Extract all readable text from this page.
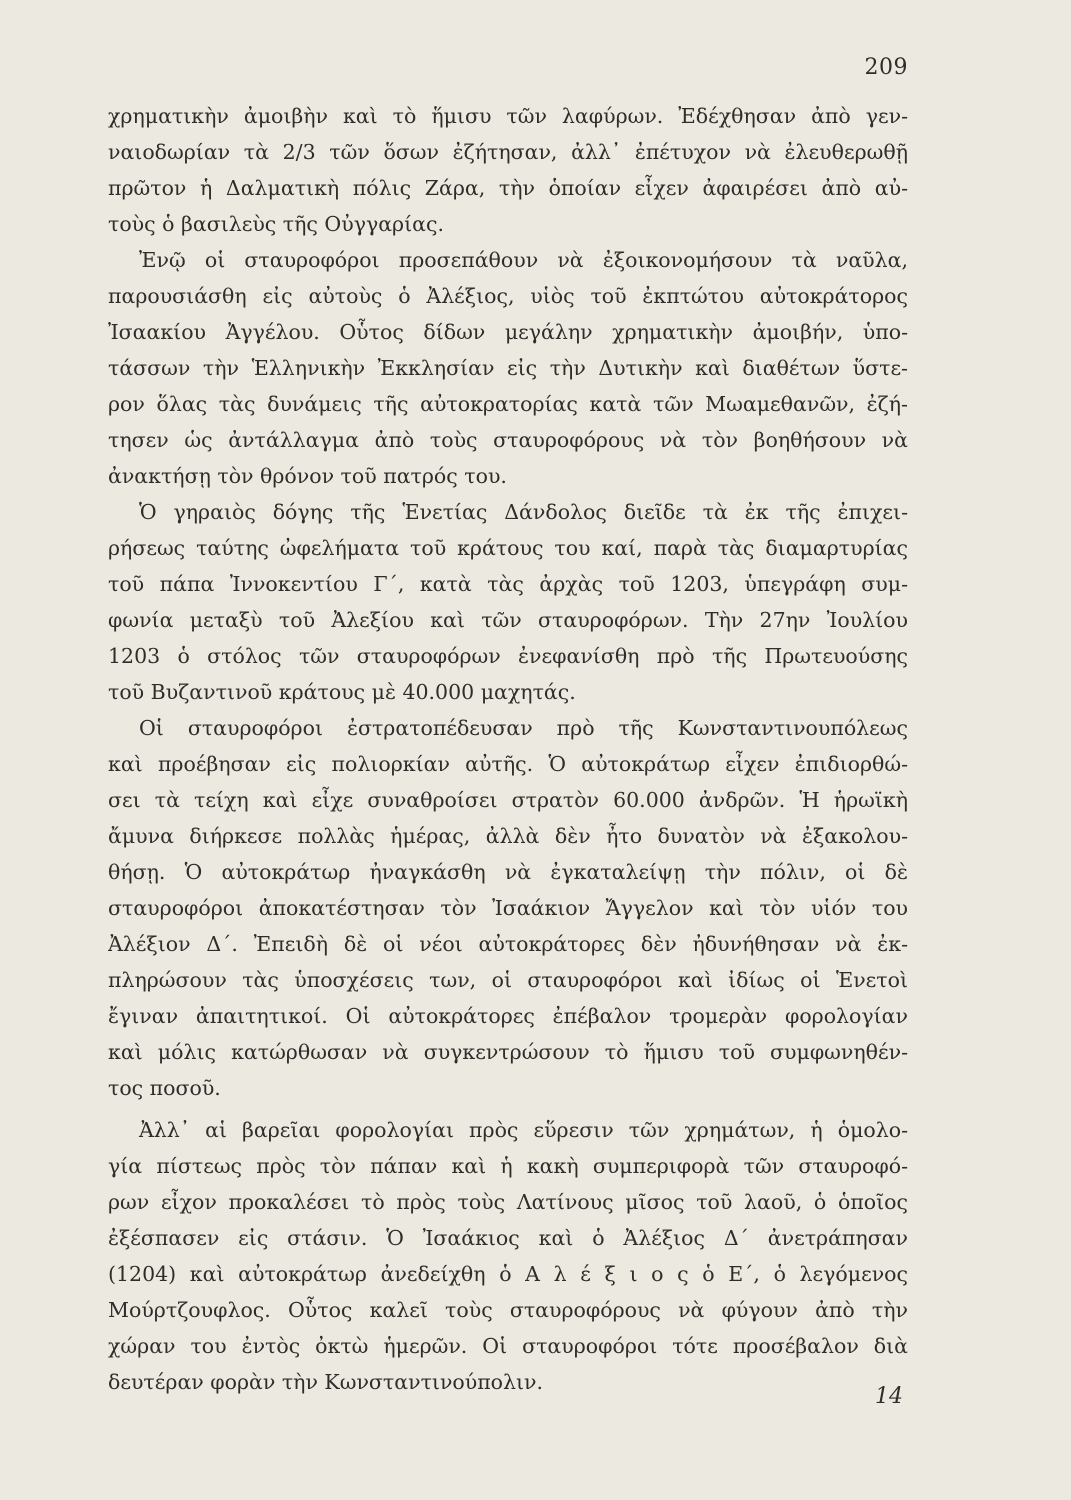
209
χρηματικὴν ἀμοιβὴν καὶ τὸ ἥμισυ τῶν λαφύρων. Ἐδέχθησαν ἀπὸ γεν-
ναιοδωρίαν τὰ 2/3 τῶν ὅσων ἐζήτησαν, ἀλλ᾽ ἐπέτυχον νὰ ἐλευθερωθῇ
πρῶτον ἡ Δαλματικὴ πόλις Ζάρα, τὴν ὁποίαν εἶχεν ἀφαιρέσει ἀπὸ αὐ-
τοὺς ὁ βασιλεὺς τῆς Οὐγγαρίας.
Ἐνῷ οἱ σταυροφόροι προσεπάθουν νὰ ἐξοικονομήσουν τὰ ναῦλα,
παρουσιάσθη εἰς αὐτοὺς ὁ Ἀλέξιος, υἱὸς τοῦ ἐκπτώτου αὐτοκράτορος
Ἰσαακίου Ἀγγέλου. Οὗτος δίδων μεγάλην χρηματικὴν ἀμοιβήν, ὑπο-
τάσσων τὴν Ἑλληνικὴν Ἐκκλησίαν εἰς τὴν Δυτικὴν καὶ διαθέτων ὕστε-
ρον ὅλας τὰς δυνάμεις τῆς αὐτοκρατορίας κατὰ τῶν Μωαμεθανῶν, ἐζή-
τησεν ὡς ἀντάλλαγμα ἀπὸ τοὺς σταυροφόρους νὰ τὸν βοηθήσουν νὰ
ἀνακτήσῃ τὸν θρόνον τοῦ πατρός του.
Ὁ γηραιὸς δόγης τῆς Ἑνετίας Δάνδολος διεῖδε τὰ ἐκ τῆς ἐπιχει-
ρήσεως ταύτης ὠφελήματα τοῦ κράτους του καί, παρὰ τὰς διαμαρτυρίας
τοῦ πάπα Ἰννοκεντίου Γ΄, κατὰ τὰς ἀρχὰς τοῦ 1203, ὑπεγράφη συμ-
φωνία μεταξὺ τοῦ Ἀλεξίου καὶ τῶν σταυροφόρων. Τὴν 27ην Ἰουλίου
1203 ὁ στόλος τῶν σταυροφόρων ἐνεφανίσθη πρὸ τῆς Πρωτευούσης
τοῦ Βυζαντινοῦ κράτους μὲ 40.000 μαχητάς.
Οἱ σταυροφόροι ἐστρατοπέδευσαν πρὸ τῆς Κωνσταντινουπόλεως
καὶ προέβησαν εἰς πολιορκίαν αὐτῆς. Ὁ αὐτοκράτωρ εἶχεν ἐπιδιορθώ-
σει τὰ τείχη καὶ εἶχε συναθροίσει στρατὸν 60.000 ἀνδρῶν. Ἡ ἡρωϊκὴ
ἄμυνα διήρκεσε πολλὰς ἡμέρας, ἀλλὰ δὲν ἦτο δυνατὸν νὰ ἐξακολου-
θήσῃ. Ὁ αὐτοκράτωρ ἠναγκάσθη νὰ ἐγκαταλείψῃ τὴν πόλιν, οἱ δὲ
σταυροφόροι ἀποκατέστησαν τὸν Ἰσαάκιον Ἄγγελον καὶ τὸν υἱόν του
Ἀλέξιον Δ΄. Ἐπειδὴ δὲ οἱ νέοι αὐτοκράτορες δὲν ἠδυνήθησαν νὰ ἐκ-
πληρώσουν τὰς ὑποσχέσεις των, οἱ σταυροφόροι καὶ ἰδίως οἱ Ἑνετοὶ
ἔγιναν ἀπαιτητικοί. Οἱ αὐτοκράτορες ἐπέβαλον τρομερὰν φορολογίαν
καὶ μόλις κατώρθωσαν νὰ συγκεντρώσουν τὸ ἥμισυ τοῦ συμφωνηθέν-
τος ποσοῦ.
Ἀλλ᾽ αἱ βαρεῖαι φορολογίαι πρὸς εὕρεσιν τῶν χρημάτων, ἡ ὁμολο-
γία πίστεως πρὸς τὸν πάπαν καὶ ἡ κακὴ συμπεριφορὰ τῶν σταυροφό-
ρων εἶχον προκαλέσει τὸ πρὸς τοὺς Λατίνους μῖσος τοῦ λαοῦ, ὁ ὁποῖος
ἐξέσπασεν εἰς στάσιν. Ὁ Ἰσαάκιος καὶ ὁ Ἀλέξιος Δ΄ ἀνετράπησαν
(1204) καὶ αὐτοκράτωρ ἀνεδείχθη ὁ Α λ έ ξ ι ο ς ὁ Ε΄, ὁ λεγόμενος
Μούρτζουφλος. Οὗτος καλεῖ τοὺς σταυροφόρους νὰ φύγουν ἀπὸ τὴν
χώραν του ἐντὸς ὀκτὼ ἡμερῶν. Οἱ σταυροφόροι τότε προσέβαλον διὰ
δευτέραν φορὰν τὴν Κωνσταντινούπολιν.
14
